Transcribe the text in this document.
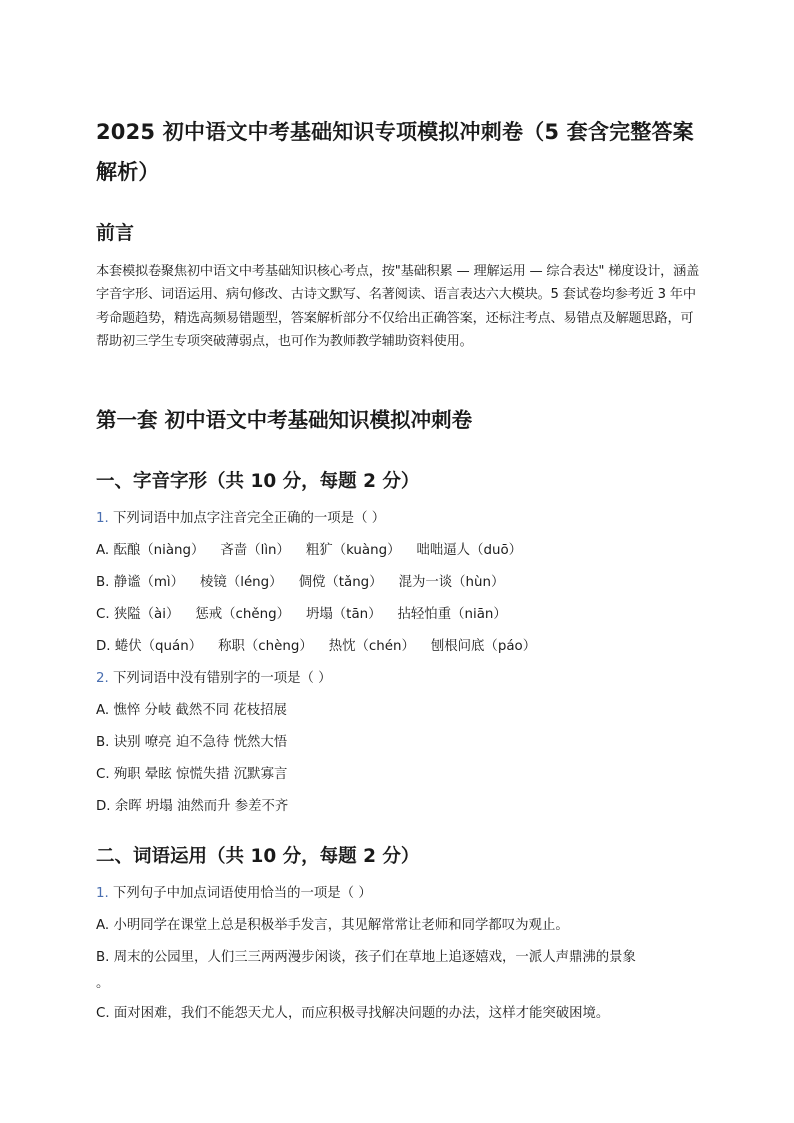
2025 初中语文中考基础知识专项模拟冲刺卷（5 套含完整答案解析）
前言

本套模拟卷聚焦初中语文中考基础知识核心考点，按"基础积累 — 理解运用 — 综合表达" 梯度设计，涵盖字音字形、词语运用、病句修改、古诗文默写、名著阅读、语言表达六大模块。5 套试卷均参考近 3 年中考命题趋势，精选高频易错题型，答案解析部分不仅给出正确答案，还标注考点、易错点及解题思路，可帮助初三学生专项突破薄弱点，也可作为教师教学辅助资料使用。

第一套 初中语文中考基础知识模拟冲刺卷
一、字音字形（共 10 分，每题 2 分）

1. 下列词语中加点字注音完全正确的一项是（ ）

A. 酝酿（niàng） 吝啬（lìn） 粗犷（kuàng） 咄咄逼人（duō）

B. 静谧（mì） 棱镜（léng） 倜傥（tǎng） 混为一谈（hùn）

C. 狭隘（ài） 惩戒（chěng） 坍塌（tān） 拈轻怕重（niān）

D. 蜷伏（quán） 称职（chèng） 热忱（chén） 刨根问底（páo）

2. 下列词语中没有错别字的一项是（ ）

A. 憔悴 分岐 截然不同 花枝招展

B. 诀别 嘹亮 迫不急待 恍然大悟

C. 殉职 晕眩 惊慌失措 沉默寡言

D. 余晖 坍塌 油然而升 参差不齐

二、词语运用（共 10 分，每题 2 分）

1. 下列句子中加点词语使用恰当的一项是（ ）

A. 小明同学在课堂上总是积极举手发言，其见解常常让老师和同学都叹为观止。

B. 周末的公园里，人们三三两两漫步闲谈，孩子们在草地上追逐嬉戏，一派人声鼎沸的景象

。

C. 面对困难，我们不能怨天尤人，而应积极寻找解决问题的办法，这样才能突破困境。
